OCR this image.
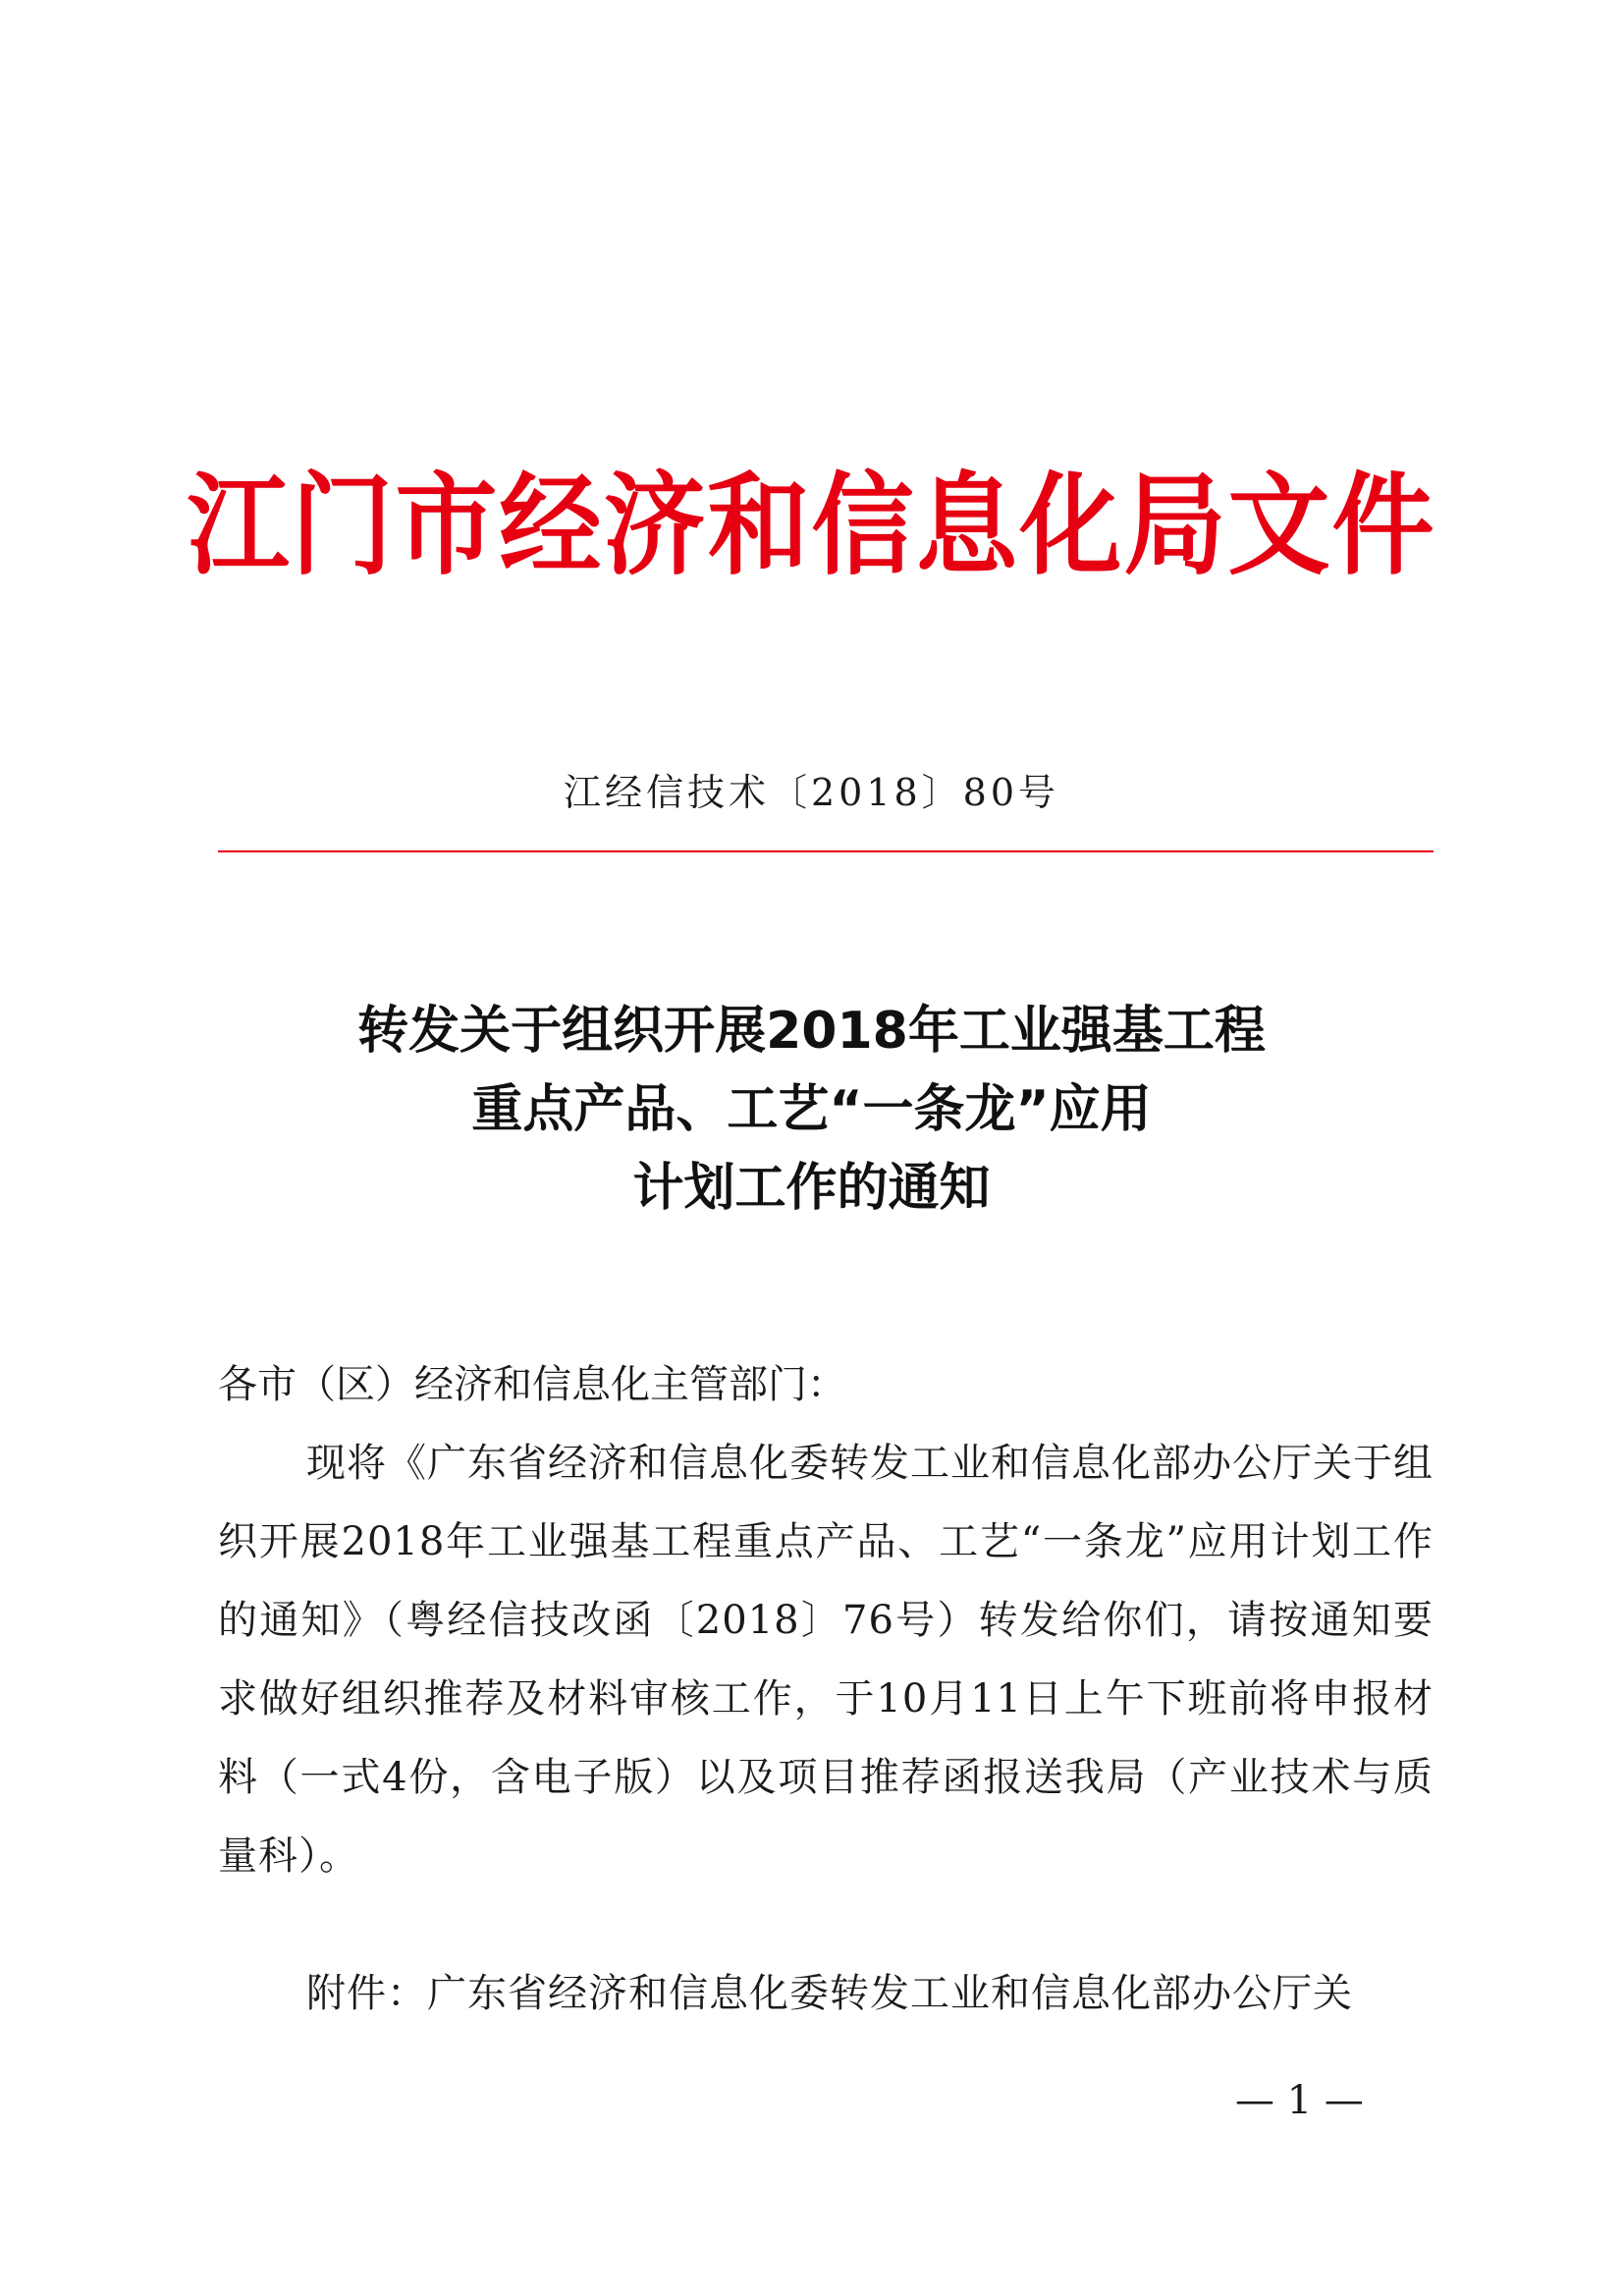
江门市经济和信息化局文件
江经信技术〔2018〕80号
转发关于组织开展2018年工业强基工程
重点产品、工艺“一条龙”应用
计划工作的通知

各市（区）经济和信息化主管部门：

现将《广东省经济和信息化委转发工业和信息化部办公厅关于组织开展2018年工业强基工程重点产品、工艺“一条龙”应用计划工作的通知》（粤经信技改函〔2018〕76号）转发给你们，请按通知要求做好组织推荐及材料审核工作，于10月11日上午下班前将申报材料（一式4份，含电子版）以及项目推荐函报送我局（产业技术与质量科）。

附件：广东省经济和信息化委转发工业和信息化部办公厅关

— 1 —
